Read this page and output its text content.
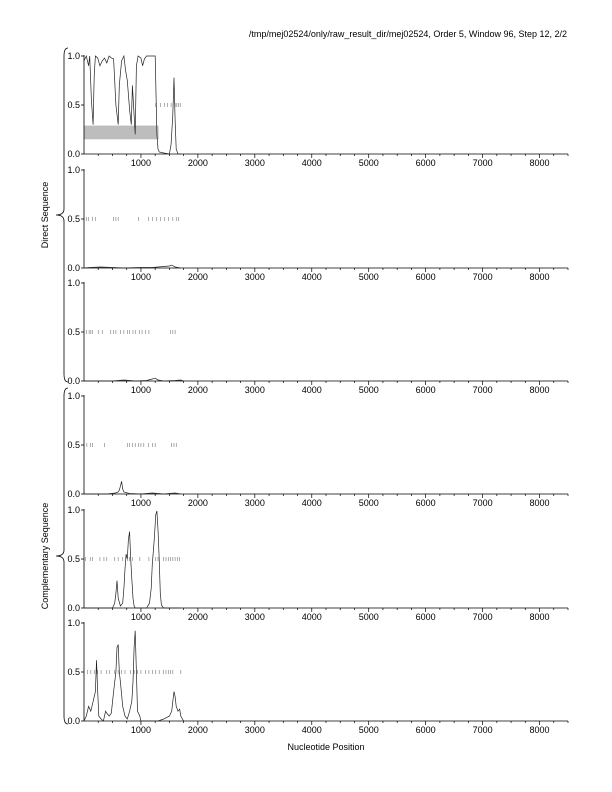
/tmp/mej02524/only/raw_result_dir/mej02524, Order 5, Window 96, Step 12, 2/2
0.0
0.5
1.0
1000	2000	3000	4000	5000	6000	7000	8000
0.0
0.5
1.0
1000	2000	3000	4000	5000	6000	7000	8000
0.0
0.5
1.0
1000	2000	3000	4000	5000	6000	7000	8000
0.0
0.5
1.0
1000	2000	3000	4000	5000	6000	7000	8000
0.0
0.5
1.0
1000	2000	3000	4000	5000	6000	7000	8000
0.0
0.5
1.0
1000	2000	3000	4000	5000	6000	7000	8000
Direct Sequence
Complementary Sequence
Nucleotide Position
